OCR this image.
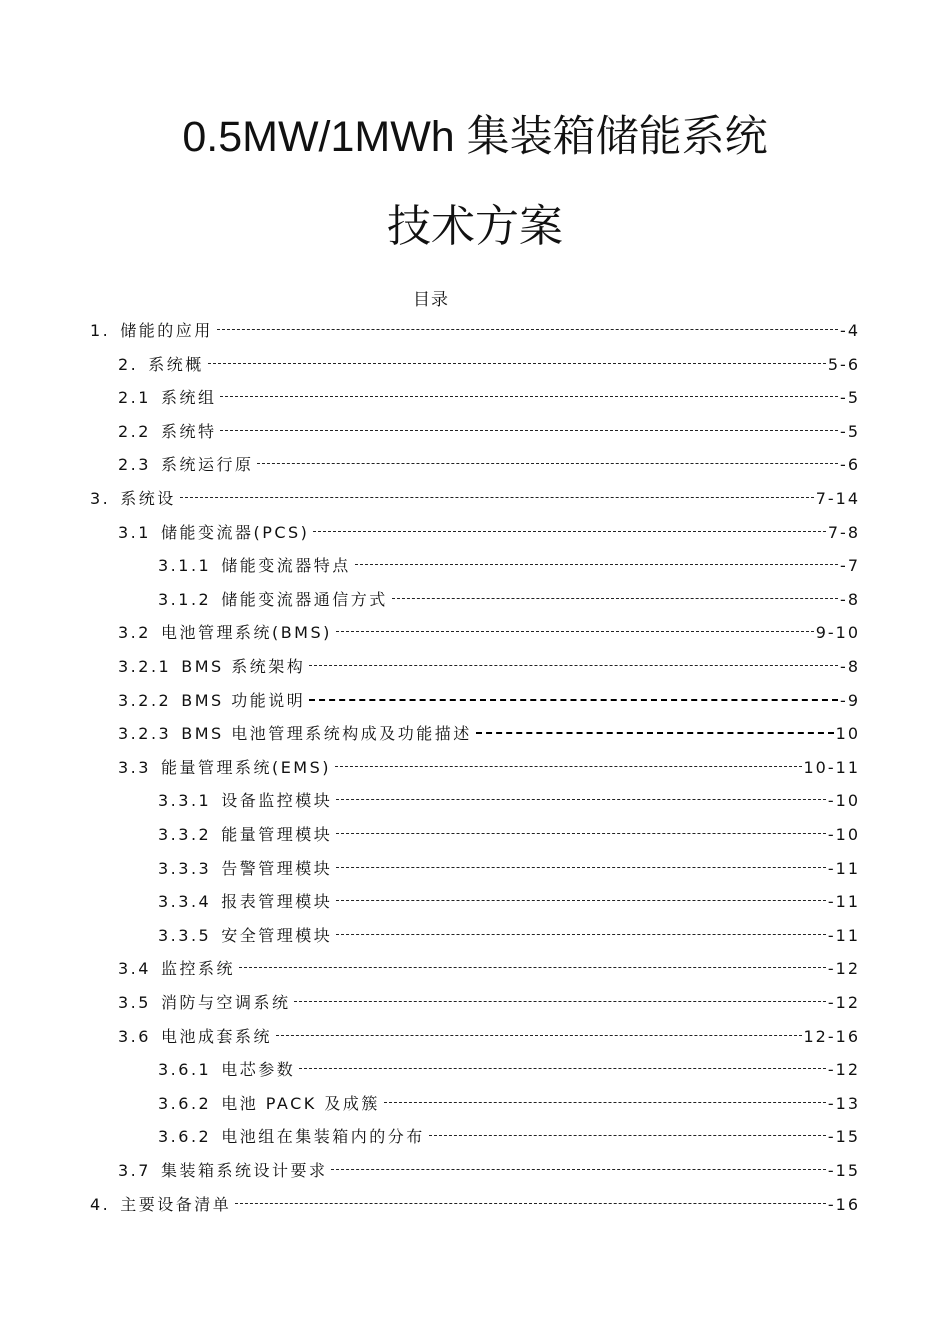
0.5MW/1MWh 集装箱储能系统
技术方案
目录
1. 储能的应用	-4
2. 系统概	5-6
2.1 系统组	-5
2.2 系统特	-5
2.3 系统运行原	-6
3. 系统设	7-14
3.1 储能变流器(PCS)	7-8
3.1.1 储能变流器特点	-7
3.1.2 储能变流器通信方式	-8
3.2 电池管理系统(BMS)	9-10
3.2.1 BMS 系统架构	-8
3.2.2 BMS 功能说明	-9
3.2.3 BMS 电池管理系统构成及功能描述	10
3.3 能量管理系统(EMS)	10-11
3.3.1 设备监控模块	-10
3.3.2 能量管理模块	-10
3.3.3 告警管理模块	-11
3.3.4 报表管理模块	-11
3.3.5 安全管理模块	-11
3.4 监控系统	-12
3.5 消防与空调系统	-12
3.6 电池成套系统	12-16
3.6.1 电芯参数	-12
3.6.2 电池 PACK 及成簇	-13
3.6.2 电池组在集装箱内的分布	-15
3.7 集装箱系统设计要求	-15
4. 主要设备清单	-16
